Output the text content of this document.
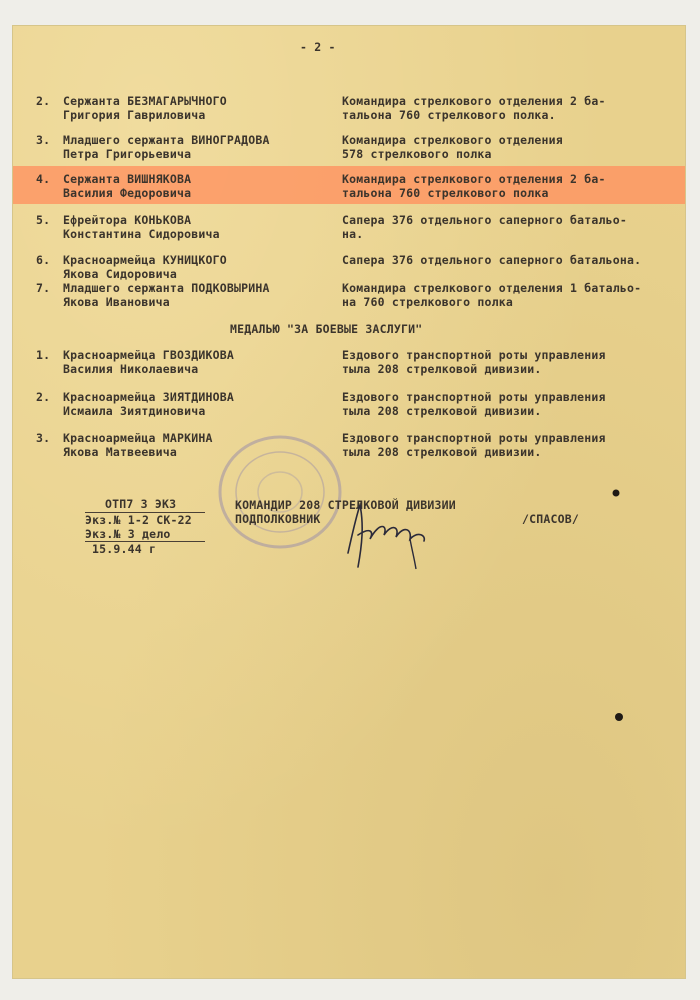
- 2 -
2. Сержанта БЕЗМАГАРЫЧНОГО
Григория Гавриловича
Командира стрелкового отделения 2 ба-
тальона 760 стрелкового полка.
3. Младшего сержанта ВИНОГРАДОВА
Петра Григорьевича
Командира стрелкового отделения
578 стрелкового полка
4. Сержанта ВИШНЯКОВА
Василия Федоровича
Командира стрелкового отделения 2 ба-
тальона 760 стрелкового полка
5. Ефрейтора КОНЬКОВА
Константина Сидоровича
Сапера 376 отдельного саперного батальо-
на.
6. Красноармейца КУНИЦКОГО
Якова Сидоровича
Сапера 376 отдельного саперного батальона.
7. Младшего сержанта ПОДКОВЫРИНА
Якова Ивановича
Командира стрелкового отделения 1 батальо-
на 760 стрелкового полка
МЕДАЛЬЮ "ЗА БОЕВЫЕ ЗАСЛУГИ"
1. Красноармейца ГВОЗДИКОВА
Василия Николаевича
Ездового транспортной роты управления
тыла 208 стрелковой дивизии.
2. Красноармейца ЗИЯТДИНОВА
Исмаила Зиятдиновича
Ездового транспортной роты управления
тыла 208 стрелковой дивизии.
3. Красноармейца МАРКИНА
Якова Матвеевича
Ездового транспортной роты управления
тыла 208 стрелковой дивизии.
ОТП7 3 ЭКЗ
Экз.№ 1-2 СК-22
Экз.№ 3 дело
15.9.44 г
КОМАНДИР 208 СТРЕЛКОВОЙ ДИВИЗИИ
ПОДПОЛКОВНИК	/СПАСОВ/
